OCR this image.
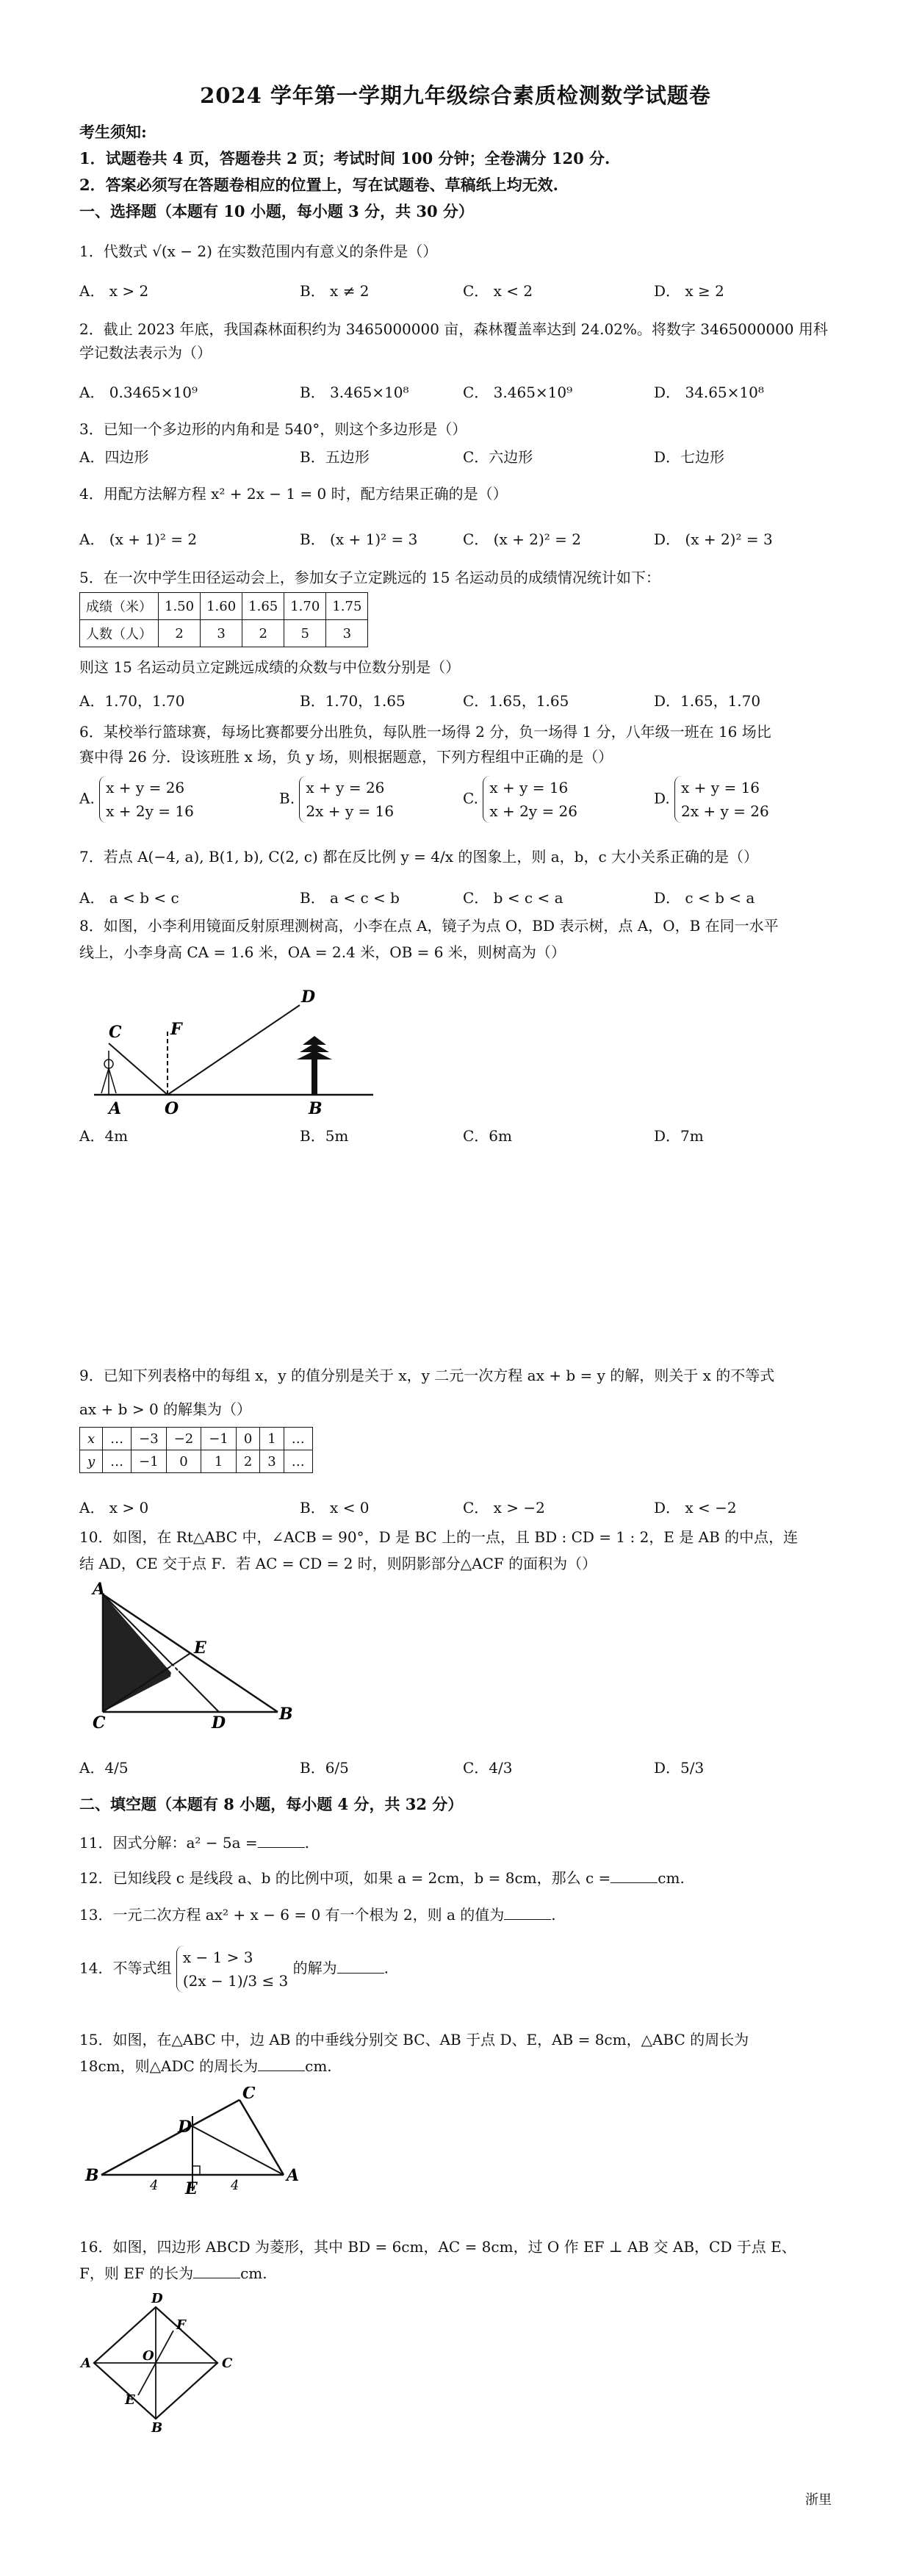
2024 学年第一学期九年级综合素质检测数学试题卷
考生须知:
1．试题卷共 4 页，答题卷共 2 页；考试时间 100 分钟；全卷满分 120 分.
2．答案必须写在答题卷相应的位置上，写在试题卷、草稿纸上均无效.
一、选择题（本题有 10 小题，每小题 3 分，共 30 分）
1．代数式 √(x − 2) 在实数范围内有意义的条件是（）
A． x > 2	B． x ≠ 2	C． x < 2	D． x ≥ 2
2．截止 2023 年底，我国森林面积约为 3465000000 亩，森林覆盖率达到 24.02%。将数字 3465000000 用科
学记数法表示为（）
A． 0.3465×10⁹	B． 3.465×10⁸	C． 3.465×10⁹	D． 34.65×10⁸
3．已知一个多边形的内角和是 540°，则这个多边形是（）
A．四边形	B．五边形	C．六边形	D．七边形
4．用配方法解方程 x² + 2x − 1 = 0 时，配方结果正确的是（）
A． (x + 1)² = 2	B． (x + 1)² = 3	C． (x + 2)² = 2	D． (x + 2)² = 3
5．在一次中学生田径运动会上，参加女子立定跳远的 15 名运动员的成绩情况统计如下：
成绩（米）	1.50	1.60	1.65	1.70	1.75
人数（人）	2	3	2	5	3
则这 15 名运动员立定跳远成绩的众数与中位数分别是（）
A．1.70，1.70	B．1.70，1.65	C．1.65，1.65	D．1.65，1.70
6．某校举行篮球赛，每场比赛都要分出胜负，每队胜一场得 2 分，负一场得 1 分，八年级一班在 16 场比
赛中得 26 分．设该班胜 x 场，负 y 场，则根据题意，下列方程组中正确的是（）
A. x + y = 26
x + 2y = 16
B. x + y = 26
2x + y = 16
C. x + y = 16
x + 2y = 26
D. x + y = 16
2x + y = 26
7．若点 A(−4, a), B(1, b), C(2, c) 都在反比例 y = 4/x 的图象上，则 a，b，c 大小关系正确的是（）
A． a < b < c	B． a < c < b	C． b < c < a	D． c < b < a
8．如图，小李利用镜面反射原理测树高，小李在点 A，镜子为点 O，BD 表示树，点 A，O，B 在同一水平
线上，小李身高 CA = 1.6 米，OA = 2.4 米，OB = 6 米，则树高为（）
C	F
D
A	O	B
A．4m	B．5m	C．6m	D．7m
9．已知下列表格中的每组 x，y 的值分别是关于 x，y 二元一次方程 ax + b = y 的解，则关于 x 的不等式
ax + b > 0 的解集为（）
x	…	−3	−2	−1	0	1	…
y	…	−1	0	1	2	3	…
A． x > 0	B． x < 0	C． x > −2	D． x < −2
10．如图，在 Rt△ABC 中，∠ACB = 90°，D 是 BC 上的一点，且 BD : CD = 1 : 2，E 是 AB 的中点，连
结 AD，CE 交于点 F．若 AC = CD = 2 时，则阴影部分△ACF 的面积为（）
A
E
F
C	D	B
A．4/5	B．6/5	C．4/3	D．5/3
二、填空题（本题有 8 小题，每小题 4 分，共 32 分）
11．因式分解：a² − 5a =	.
12．已知线段 c 是线段 a、b 的比例中项，如果 a = 2cm，b = 8cm，那么 c =	cm.
13．一元二次方程 ax² + x − 6 = 0 有一个根为 2，则 a 的值为	.
14．不等式组 x − 1 > 3
(2x − 1)/3 ≤ 3 的解为	.
15．如图，在△ABC 中，边 AB 的中垂线分别交 BC、AB 于点 D、E，AB = 8cm，△ABC 的周长为
18cm，则△ADC 的周长为	cm.
C
D
B
E
A
4	4
16．如图，四边形 ABCD 为菱形，其中 BD = 6cm，AC = 8cm，过 O 作 EF ⊥ AB 交 AB，CD 于点 E、
F，则 EF 的长为	cm.
D
F
A	O	C
E
B
浙里
